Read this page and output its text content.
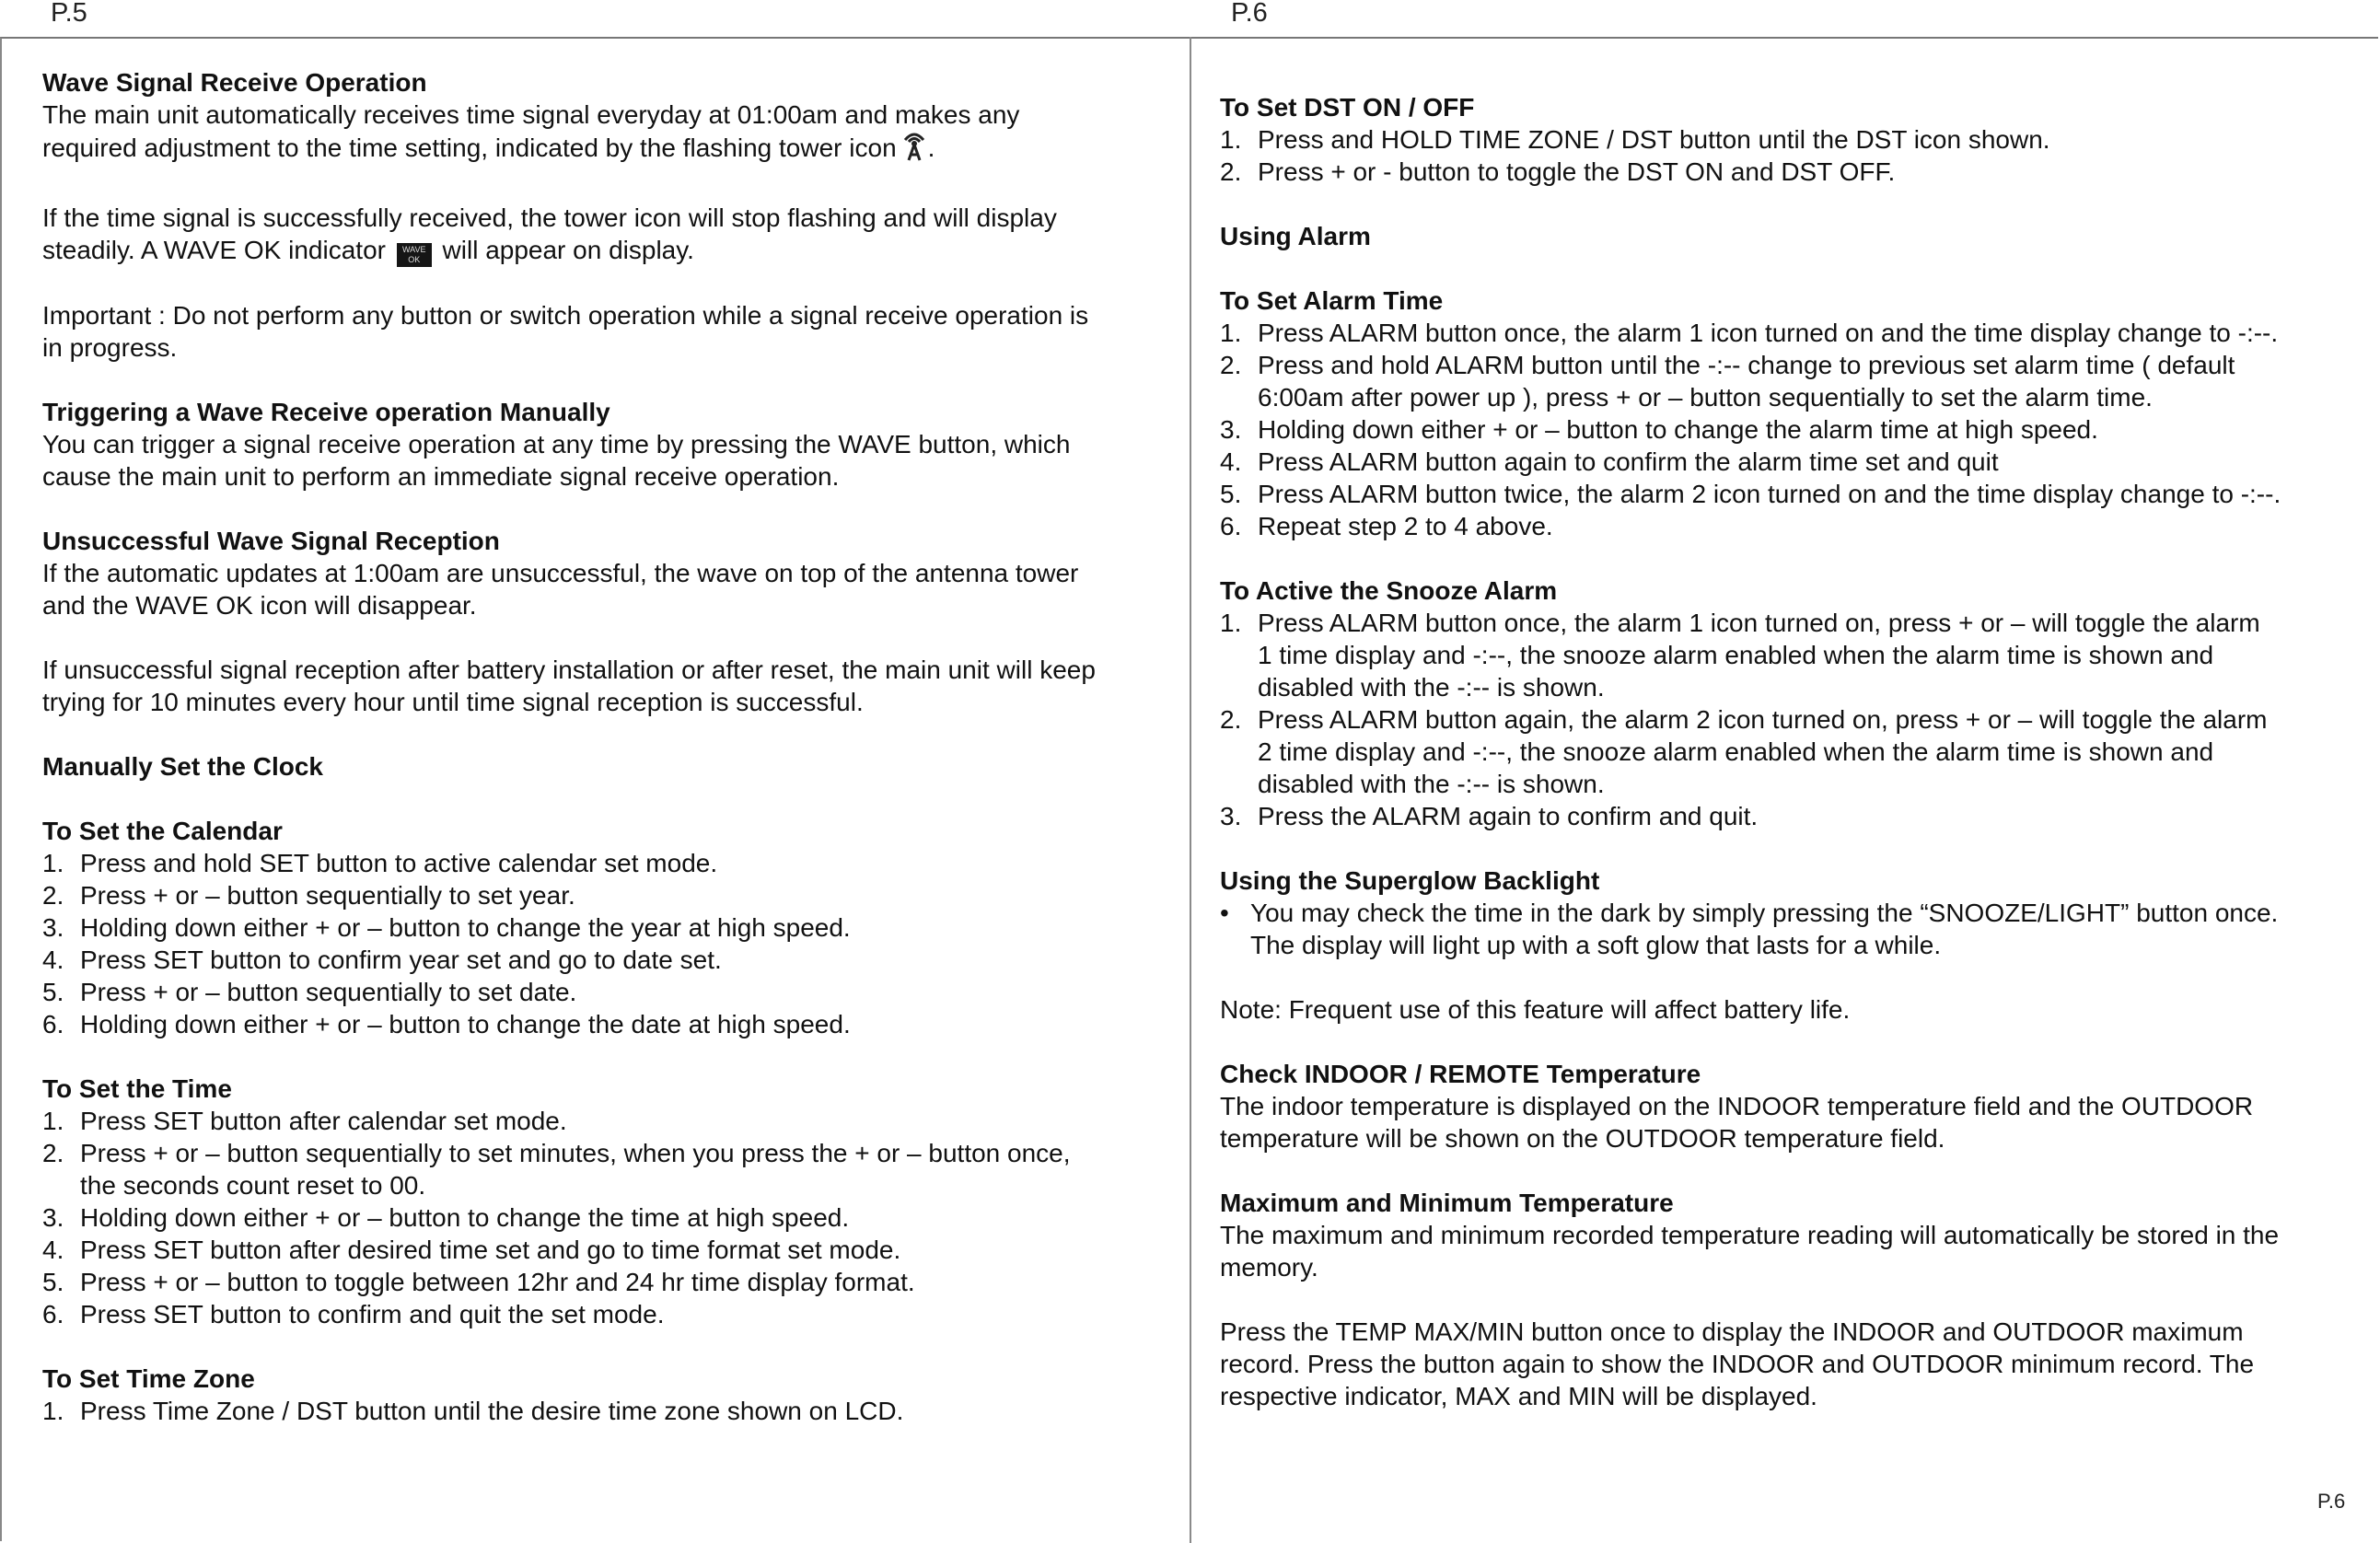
P.5	P.6

Wave Signal Receive Operation

The main unit automatically receives time signal everyday at 01:00am and makes any

required adjustment to the time setting, indicated by the flashing tower icon .

If the time signal is successfully received, the tower icon will stop flashing and will display

steadily. A WAVE OK indicator WAVE
OK will appear on display.

Important : Do not perform any button or switch operation while a signal receive operation is

in progress.

Triggering a Wave Receive operation Manually

You can trigger a signal receive operation at any time by pressing the WAVE button, which

cause the main unit to perform an immediate signal receive operation.

Unsuccessful Wave Signal Reception

If the automatic updates at 1:00am are unsuccessful, the wave on top of the antenna tower

and the WAVE OK icon will disappear.

If unsuccessful signal reception after battery installation or after reset, the main unit will keep

trying for 10 minutes every hour until time signal reception is successful.

Manually Set the Clock

To Set the Calendar

1. Press and hold SET button to active calendar set mode.
2. Press + or – button sequentially to set year.
3. Holding down either + or – button to change the year at high speed.
4. Press SET button to confirm year set and go to date set.
5. Press + or – button sequentially to set date.
6. Holding down either + or – button to change the date at high speed.

To Set the Time

1. Press SET button after calendar set mode.
2. Press + or – button sequentially to set minutes, when you press the + or – button once,
the seconds count reset to 00.
3. Holding down either + or – button to change the time at high speed.
4. Press SET button after desired time set and go to time format set mode.
5. Press + or – button to toggle between 12hr and 24 hr time display format.
6. Press SET button to confirm and quit the set mode.

To Set Time Zone

1. Press Time Zone / DST button until the desire time zone shown on LCD.

To Set DST ON / OFF

1. Press and HOLD TIME ZONE / DST button until the DST icon shown.
2. Press + or - button to toggle the DST ON and DST OFF.

Using Alarm

To Set Alarm Time

1. Press ALARM button once, the alarm 1 icon turned on and the time display change to -:--.
2. Press and hold ALARM button until the -:-- change to previous set alarm time ( default
6:00am after power up ), press + or – button sequentially to set the alarm time.
3. Holding down either + or – button to change the alarm time at high speed.
4. Press ALARM button again to confirm the alarm time set and quit
5. Press ALARM button twice, the alarm 2 icon turned on and the time display change to -:--.
6. Repeat step 2 to 4 above.

To Active the Snooze Alarm

1. Press ALARM button once, the alarm 1 icon turned on, press + or – will toggle the alarm
1 time display and -:--, the snooze alarm enabled when the alarm time is shown and
disabled with the -:-- is shown.
2. Press ALARM button again, the alarm 2 icon turned on, press + or – will toggle the alarm
2 time display and -:--, the snooze alarm enabled when the alarm time is shown and
disabled with the -:-- is shown.
3. Press the ALARM again to confirm and quit.

Using the Superglow Backlight

• You may check the time in the dark by simply pressing the “SNOOZE/LIGHT” button once.
The display will light up with a soft glow that lasts for a while.

Note: Frequent use of this feature will affect battery life.

Check INDOOR / REMOTE Temperature

The indoor temperature is displayed on the INDOOR temperature field and the OUTDOOR

temperature will be shown on the OUTDOOR temperature field.

Maximum and Minimum Temperature

The maximum and minimum recorded temperature reading will automatically be stored in the

memory.

Press the TEMP MAX/MIN button once to display the INDOOR and OUTDOOR maximum

record. Press the button again to show the INDOOR and OUTDOOR minimum record. The

respective indicator, MAX and MIN will be displayed.

P.6
